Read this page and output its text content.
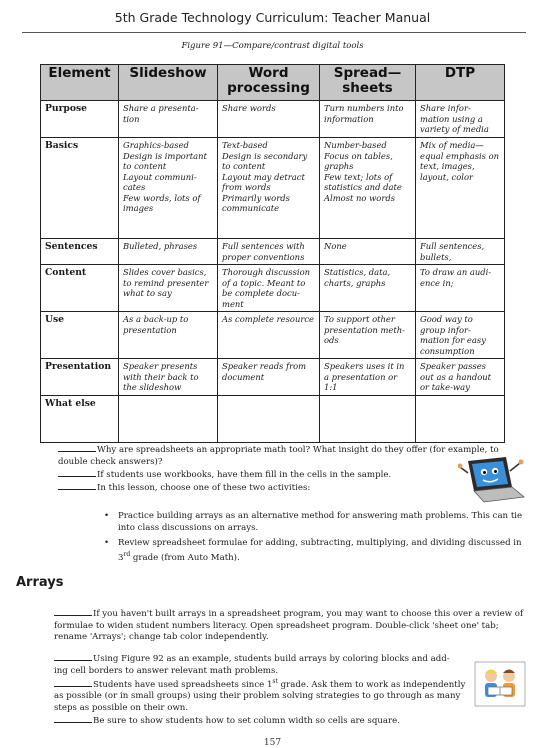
5th Grade Technology Curriculum: Teacher Manual
Figure 91—Compare/contrast digital tools
Element	Slideshow	Word processing	Spread— sheets	DTP
Purpose	Share a presenta- tion	Share words	Turn numbers into information	Share infor- mation using a variety of media
Basics	Graphics-based
Design is important to content
Layout communi- cates
Few words, lots of images	Text-based
Design is secondary to content
Layout may detract from words
Primarily words communicate	Number-based
Focus on tables, graphs
Few text; lots of statistics and date
Almost no words	Mix of media— equal emphasis on text, images, layout, color
Sentences	Bulleted, phrases	Full sentences with proper conventions	None	Full sentences, bullets,
Content	Slides cover basics, to remind presenter what to say	Thorough discussion of a topic. Meant to be complete docu- ment	Statistics, data, charts, graphs	To draw an audi- ence in;
Use	As a back-up to presentation	As complete resource	To support other presentation meth- ods	Good way to group infor- mation for easy consumption
Presentation	Speaker presents with their back to the slideshow	Speaker reads from document	Speakers uses it in a presentation or 1:1	Speaker passes out as a handout or take-way
What else				
Why are spreadsheets an appropriate math tool? What insight do they offer (for example, to double check answers)?
If students use workbooks, have them fill in the cells in the sample.
In this lesson, choose one of these two activities:
• Practice building arrays as an alternative method for answering math problems. This can tie into class discussions on arrays.
• Review spreadsheet formulae for adding, subtracting, multiplying, and dividing discussed in 3rd grade (from Auto Math).
Arrays
If you haven't built arrays in a spreadsheet program, you may want to choose this over a review of formulae to widen student numbers literacy. Open spreadsheet program. Double-click 'sheet one' tab; rename 'Arrays'; change tab color independently.
Using Figure 92 as an example, students build arrays by coloring blocks and add- ing cell borders to answer relevant math problems.
Students have used spreadsheets since 1st grade. Ask them to work as independently as possible (or in small groups) using their problem solving strategies to go through as many steps as possible on their own.
Be sure to show students how to set column width so cells are square.
157
